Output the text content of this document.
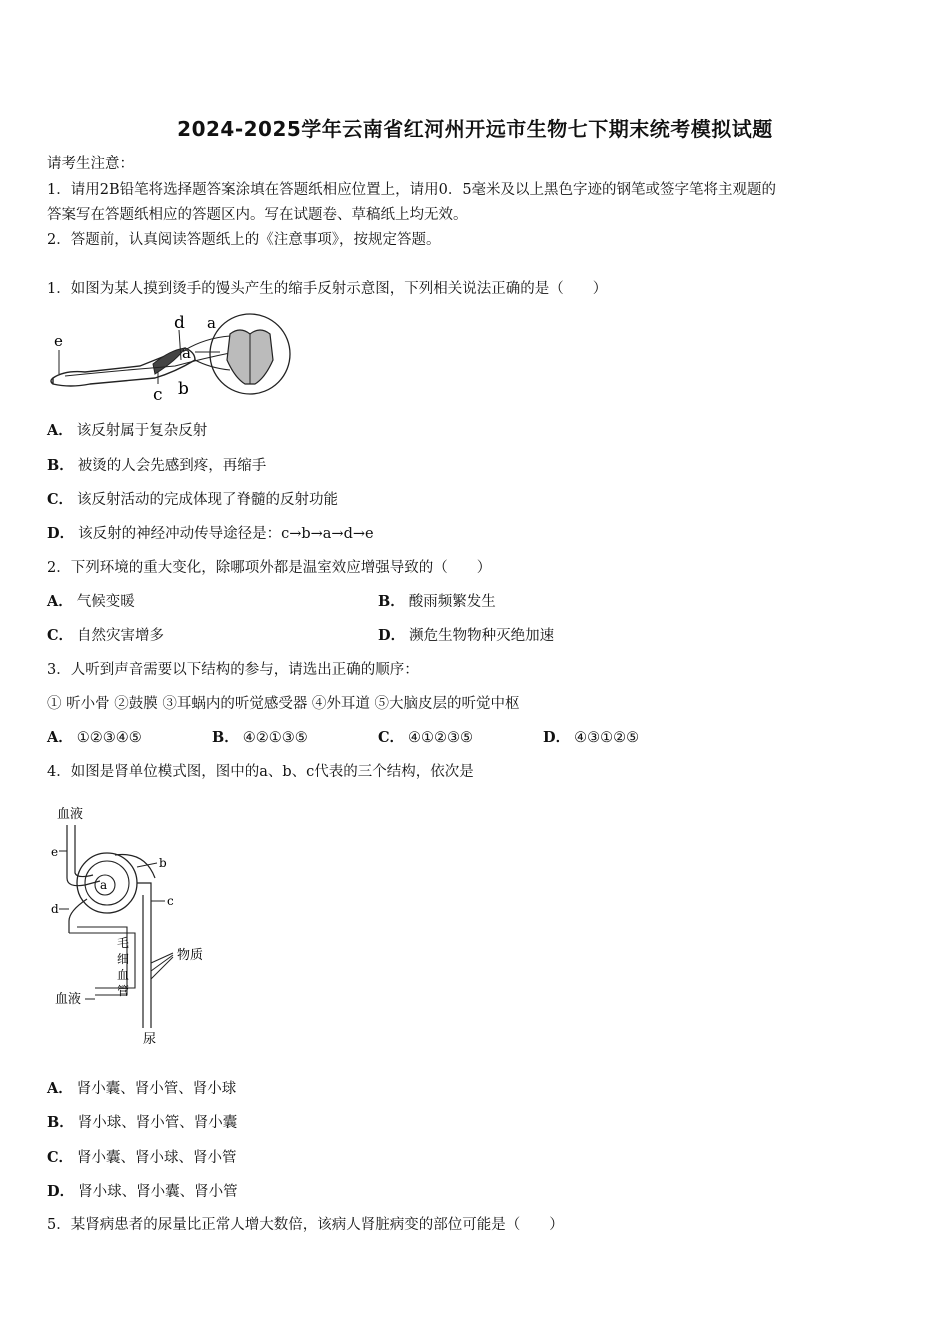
2024-2025学年云南省红河州开远市生物七下期末统考模拟试题
请考生注意：
1．请用2B铅笔将选择题答案涂填在答题纸相应位置上，请用0．5毫米及以上黑色字迹的钢笔或签字笔将主观题的
答案写在答题纸相应的答题区内。写在试题卷、草稿纸上均无效。
2．答题前，认真阅读答题纸上的《注意事项》，按规定答题。
1．如图为某人摸到烫手的馒头产生的缩手反射示意图，下列相关说法正确的是（　　）
e
d a
a
c b
A． 该反射属于复杂反射
B． 被烫的人会先感到疼，再缩手
C． 该反射活动的完成体现了脊髓的反射功能
D． 该反射的神经冲动传导途径是：c→b→a→d→e
2．下列环境的重大变化，除哪项外都是温室效应增强导致的（　　）
A． 气候变暖	B． 酸雨频繁发生
C． 自然灾害增多	D． 濒危生物物种灭绝加速
3．人听到声音需要以下结构的参与，请选出正确的顺序：
① 听小骨 ②鼓膜 ③耳蜗内的听觉感受器 ④外耳道 ⑤大脑皮层的听觉中枢
A． ①②③④⑤	B． ④②①③⑤	C． ④①②③⑤	D． ④③①②⑤
4．如图是肾单位模式图，图中的a、b、c代表的三个结构，依次是
血液
e
a
b
d
c
毛
细
血
管
物质
血液
尿
A． 肾小囊、肾小管、肾小球
B． 肾小球、肾小管、肾小囊
C． 肾小囊、肾小球、肾小管
D． 肾小球、肾小囊、肾小管
5．某肾病患者的尿量比正常人增大数倍，该病人肾脏病变的部位可能是（　　）
